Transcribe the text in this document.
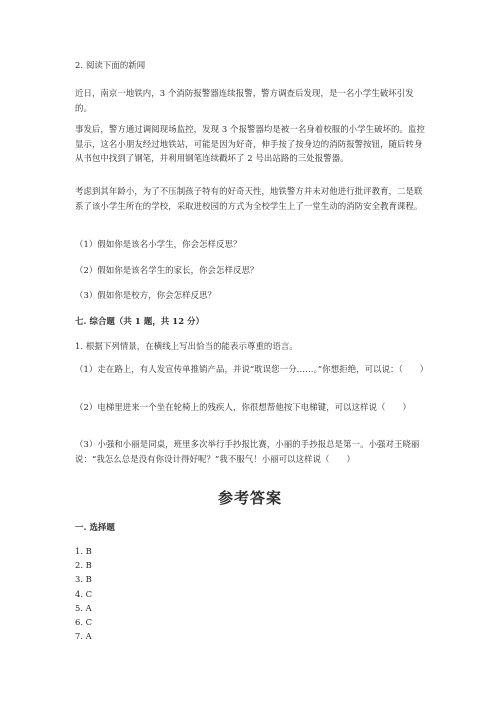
2. 阅读下面的新闻

近日，南京一地铁内，3 个消防报警器连续报警，警方调查后发现，是一名小学生破坏引发的。

事发后，警方通过调阅现场监控，发现 3 个报警器均是被一名身着校服的小学生破坏的。监控显示，这名小朋友经过地铁站，可能是因为好奇，伸手按了按身边的消防报警按钮，随后转身从书包中找到了钢笔，并利用钢笔连续戳坏了 2 号出站路的三处报警器。

考虑到其年龄小，为了不压制孩子特有的好奇天性，地铁警方并未对他进行批评教育，二是联系了该小学生所在的学校，采取进校园的方式为全校学生上了一堂生动的消防安全教育课程。

（1）假如你是该名小学生，你会怎样反思？

（2）假如你是该名学生的家长，你会怎样反思？

（3）假如你是校方，你会怎样反思？

七. 综合题（共 1 题，共 12 分）

1. 根据下列情景，在横线上写出恰当的能表示尊重的语言。

（1）走在路上，有人发宣传单推销产品，并说“耽误您一分……。”你想拒绝，可以说：（　　）

（2）电梯里进来一个坐在轮椅上的残疾人，你很想帮他按下电梯键，可以这样说（　　）

（3）小强和小丽是同桌，班里多次举行手抄报比赛，小丽的手抄报总是第一。小强对王晓丽说：“我怎么总是没有你设计得好呢？”我不服气！小丽可以这样说（　　）

参考答案

一. 选择题

1. B
2. B
3. B
4. C
5. A
6. C
7. A
